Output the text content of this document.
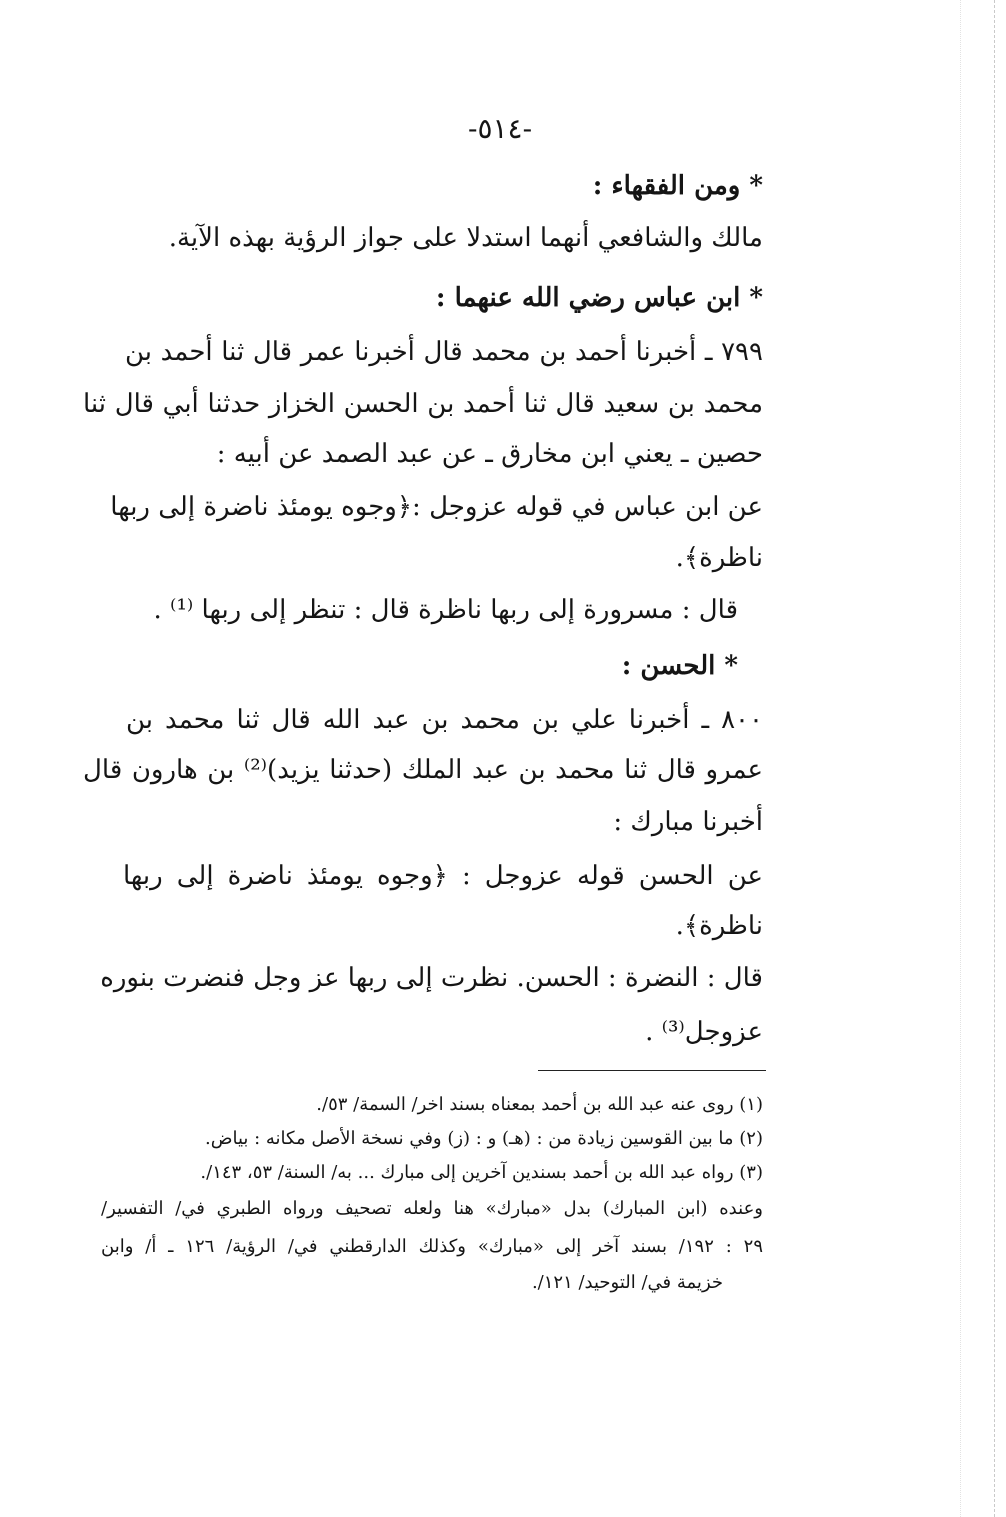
-٥١٤-
* ومن الفقهاء :
مالك والشافعي أنهما استدلا على جواز الرؤية بهذه الآية.
* ابن عباس رضي الله عنهما :
٧٩٩ ـ أخبرنا أحمد بن محمد قال أخبرنا عمر قال ثنا أحمد بن
محمد بن سعيد قال ثنا أحمد بن الحسن الخزاز حدثنا أبي قال ثنا
حصين ـ يعني ابن مخارق ـ عن عبد الصمد عن أبيه :
عن ابن عباس في قوله عزوجل :﴿وجوه يومئذ ناضرة إلى ربها
ناظرة﴾.
قال : مسرورة إلى ربها ناظرة قال : تنظر إلى ربها ⁽¹⁾ .
* الحسن :
٨٠٠ ـ أخبرنا علي بن محمد بن عبد الله قال ثنا محمد بن
عمرو قال ثنا محمد بن عبد الملك (حدثنا يزيد)⁽²⁾ بن هارون قال
أخبرنا مبارك :
عن الحسن قوله عزوجل : ﴿وجوه يومئذ ناضرة إلى ربها
ناظرة﴾.
قال : النضرة : الحسن. نظرت إلى ربها عز وجل فنضرت بنوره
عزوجل⁽³⁾ .
(١) روى عنه عبد الله بن أحمد بمعناه بسند اخر/ السمة/ ٥٣/.
(٢) ما بين القوسين زيادة من : (هـ) و : (ز) وفي نسخة الأصل مكانه : بياض.
(٣) رواه عبد الله بن أحمد بسندين آخرين إلى مبارك ... به/ السنة/ ٥٣، ١٤٣/.
وعنده (ابن المبارك) بدل «مبارك» هنا ولعله تصحيف ورواه الطبري في/ التفسير/
٢٩ : ١٩٢/ بسند آخر إلى «مبارك» وكذلك الدارقطني في/ الرؤية/ ١٢٦ ـ أ/ وابن
خزيمة في/ التوحيد/ ١٢١/.
